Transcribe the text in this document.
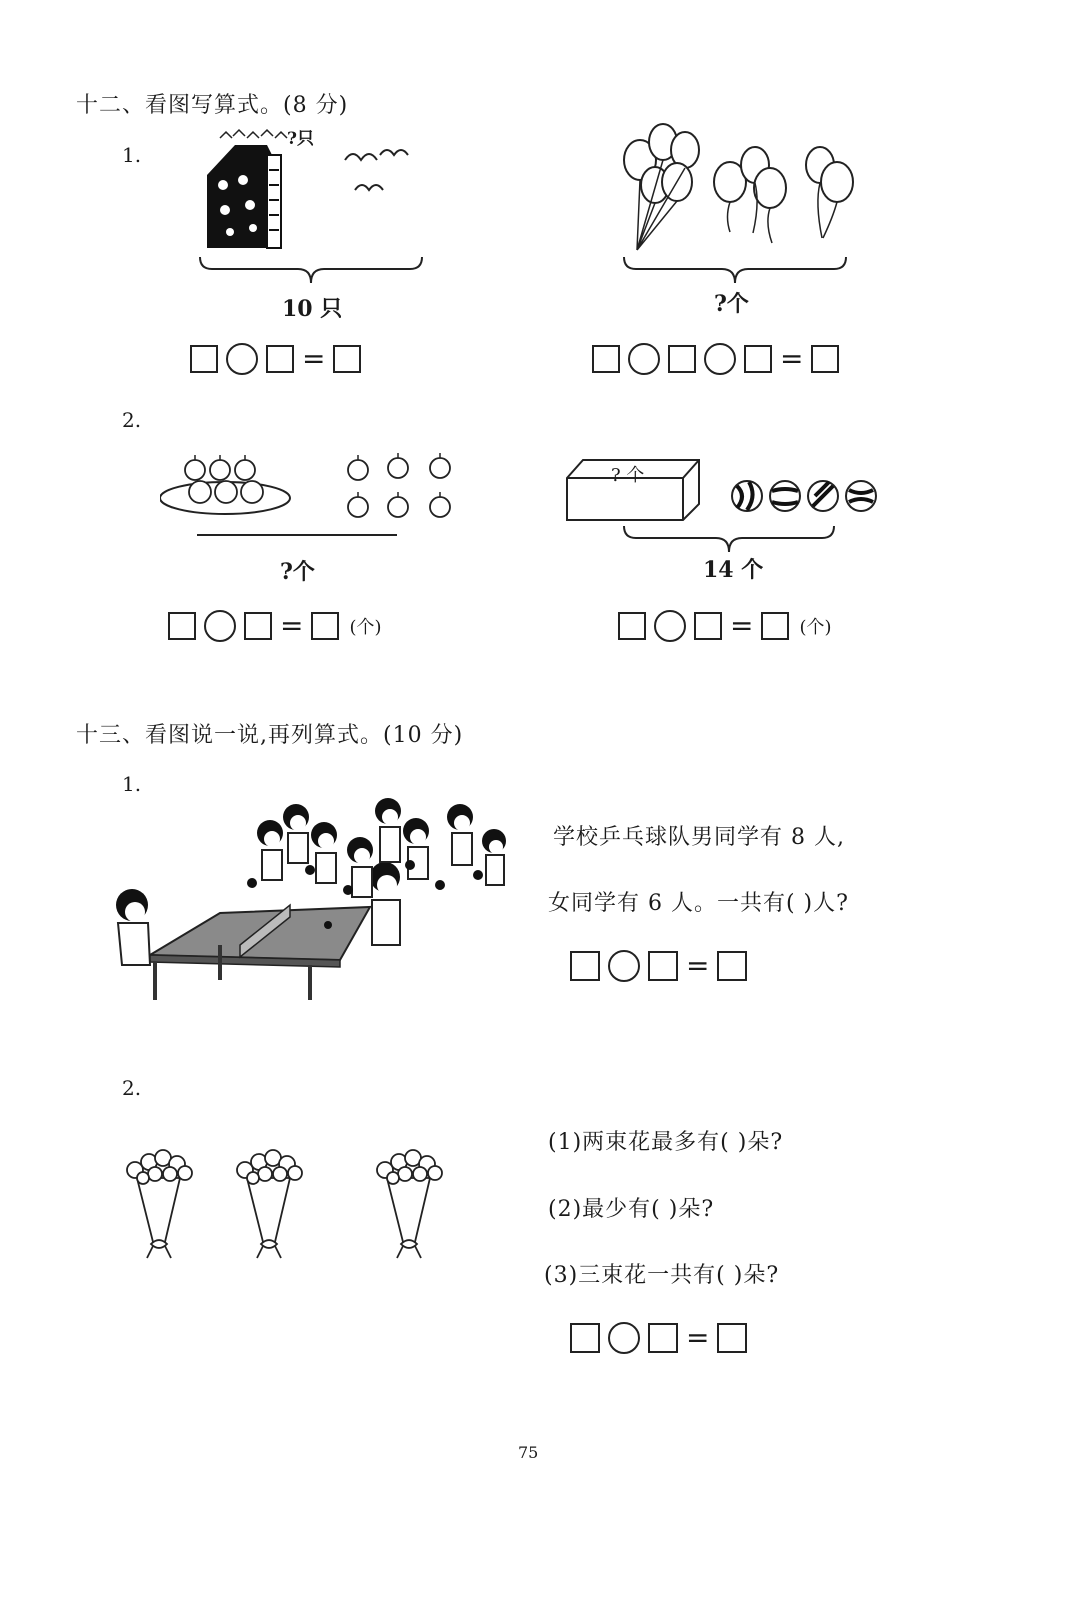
十二、看图写算式。(8 分)
1.
?只
10 只
=
?个
=
2.
?个
=	(个)
? 个
14 个
=	(个)
十三、看图说一说,再列算式。(10 分)
1.
学校乒乓球队男同学有 8 人,
女同学有 6 人。一共有( )人?
=
2.
(1)两束花最多有( )朵?
(2)最少有( )朵?
(3)三束花一共有( )朵?
=
75
